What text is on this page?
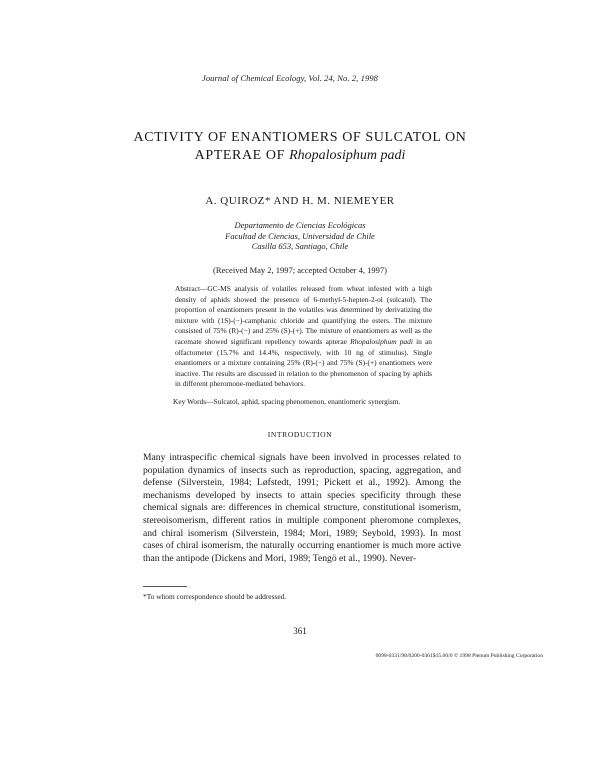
Journal of Chemical Ecology, Vol. 24, No. 2, 1998
ACTIVITY OF ENANTIOMERS OF SULCATOL ON
APTERAE OF Rhopalosiphum padi
A. QUIROZ* AND H. M. NIEMEYER
Departamento de Ciencias Ecológicas
Facultad de Ciencias, Universidad de Chile
Casilla 653, Santiago, Chile
(Received May 2, 1997; accepted October 4, 1997)
Abstract—GC-MS analysis of volatiles released from wheat infested with a high density of aphids showed the presence of 6-methyl-5-hepten-2-ol (sulcatol). The proportion of enantiomers present in the volatiles was determined by derivatizing the mixture with (1S)-(−)-camphanic chloride and quantifying the esters. The mixture consisted of 75% (R)-(−) and 25% (S)-(+). The mixture of enantiomers as well as the racemate showed significant repellency towards apterae Rhopalosiphum padi in an olfactometer (15.7% and 14.4%, respectively, with 10 ng of stimulus). Single enantiomers or a mixture containing 25% (R)-(−) and 75% (S)-(+) enantiomers were inactive. The results are discussed in relation to the phenomenon of spacing by aphids in different pheromone-mediated behaviors.
Key Words—Sulcatol, aphid, spacing phenomenon, enantiomeric synergism.
INTRODUCTION
Many intraspecific chemical signals have been involved in processes related to population dynamics of insects such as reproduction, spacing, aggregation, and defense (Silverstein, 1984; Løfstedt, 1991; Pickett et al., 1992). Among the mechanisms developed by insects to attain species specificity through these chemical signals are: differences in chemical structure, constitutional isomerism, stereoisomerism, different ratios in multiple component pheromone complexes, and chiral isomerism (Silverstein, 1984; Mori, 1989; Seybold, 1993). In most cases of chiral isomerism, the naturally occurring enantiomer is much more active than the antipode (Dickens and Mori, 1989; Tengö et al., 1990). Never-
*To whom correspondence should be addressed.
361
0098-0331/98/0200-0361$15.00/0 © 1998 Plenum Publishing Corporation
